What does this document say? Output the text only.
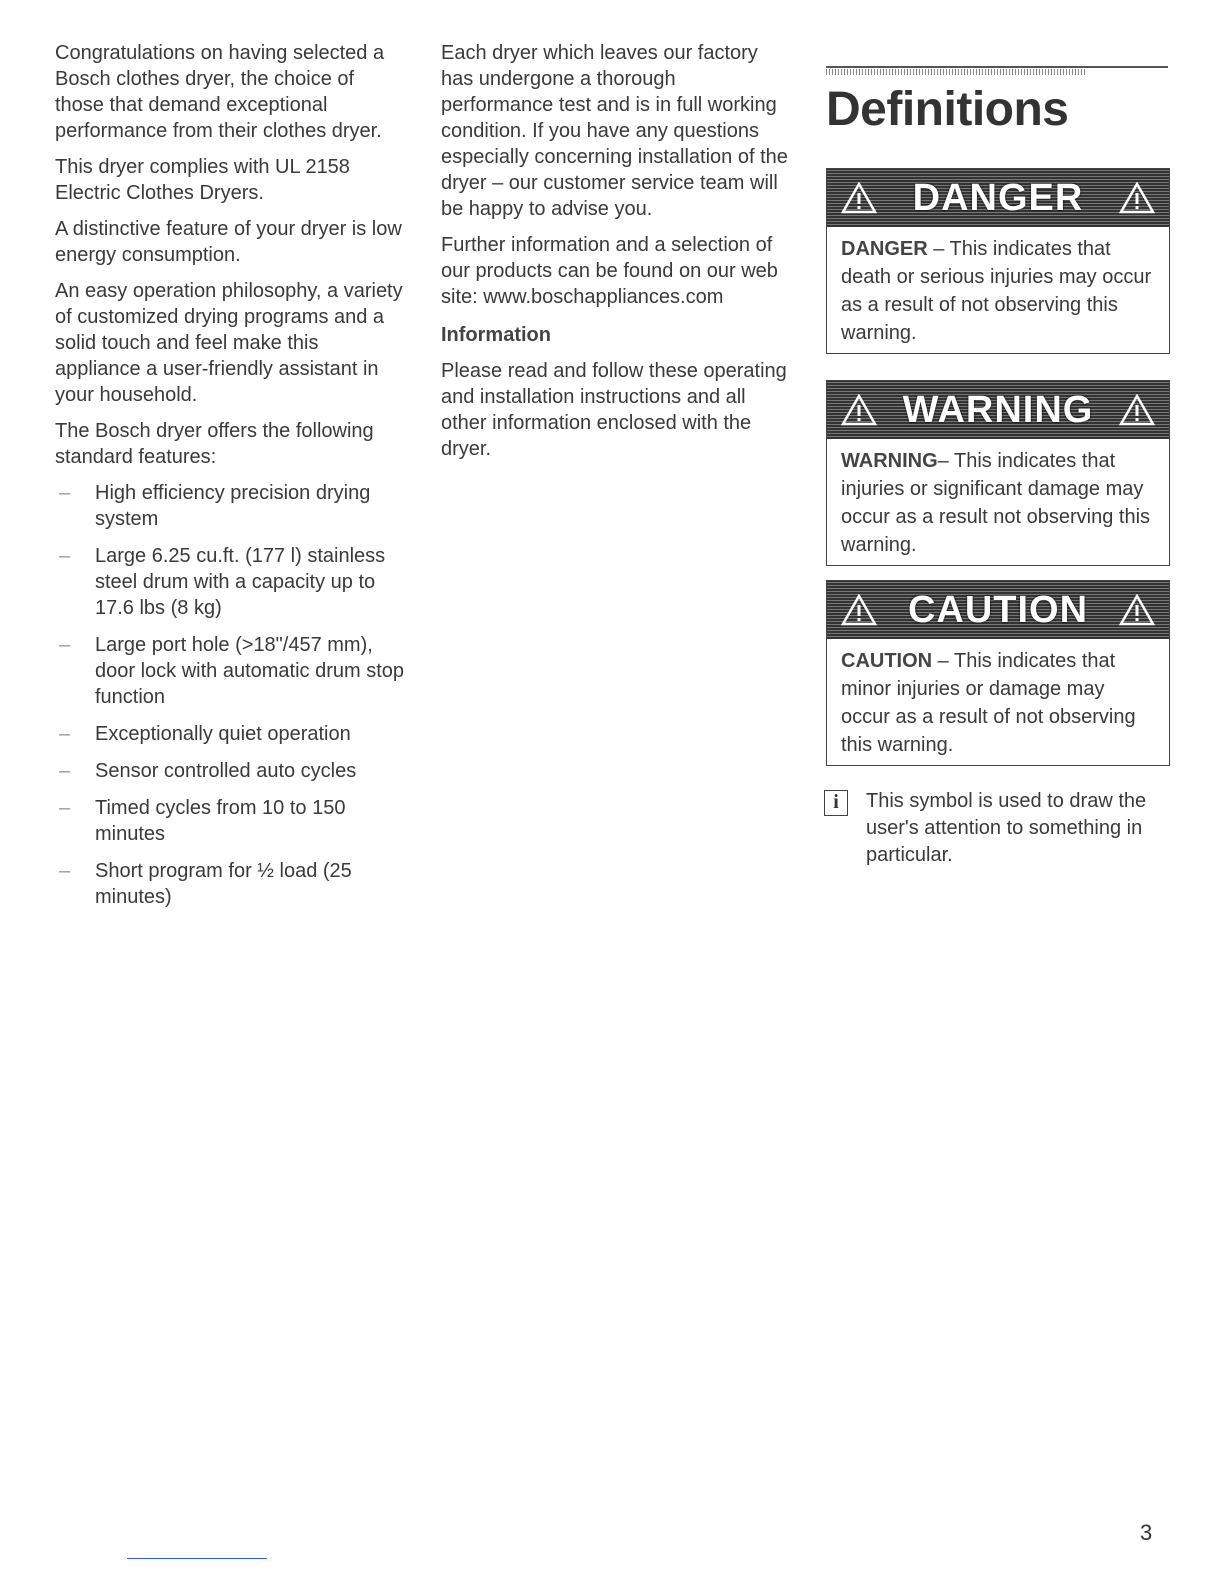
Congratulations on having selected a Bosch clothes dryer, the choice of those that demand exceptional performance from their clothes dryer.

This dryer complies with UL 2158 Electric Clothes Dryers.

A distinctive feature of your dryer is low energy consumption.

An easy operation philosophy, a variety of customized drying programs and a solid touch and feel make this appliance a user-friendly assistant in your household.

The Bosch dryer offers the following standard features:

– High efficiency precision drying system
– Large 6.25 cu.ft. (177 l) stainless steel drum with a capacity up to 17.6 lbs (8 kg)
– Large port hole (>18"/457 mm), door lock with automatic drum stop function
– Exceptionally quiet operation
– Sensor controlled auto cycles
– Timed cycles from 10 to 150 minutes
– Short program for ½ load (25 minutes)

Each dryer which leaves our factory has undergone a thorough performance test and is in full working condition. If you have any questions especially concerning installation of the dryer – our customer service team will be happy to advise you.

Further information and a selection of our products can be found on our web site: www.boschappliances.com

Information

Please read and follow these operating and installation instructions and all other information enclosed with the dryer.

Definitions
DANGER
DANGER – This indicates that death or serious injuries may occur as a result of not observing this warning.
WARNING
WARNING– This indicates that injuries or significant damage may occur as a result not observing this warning.
CAUTION
CAUTION – This indicates that minor injuries or damage may occur as a result of not observing this warning.
i	This symbol is used to draw the user's attention to something in particular.
3
